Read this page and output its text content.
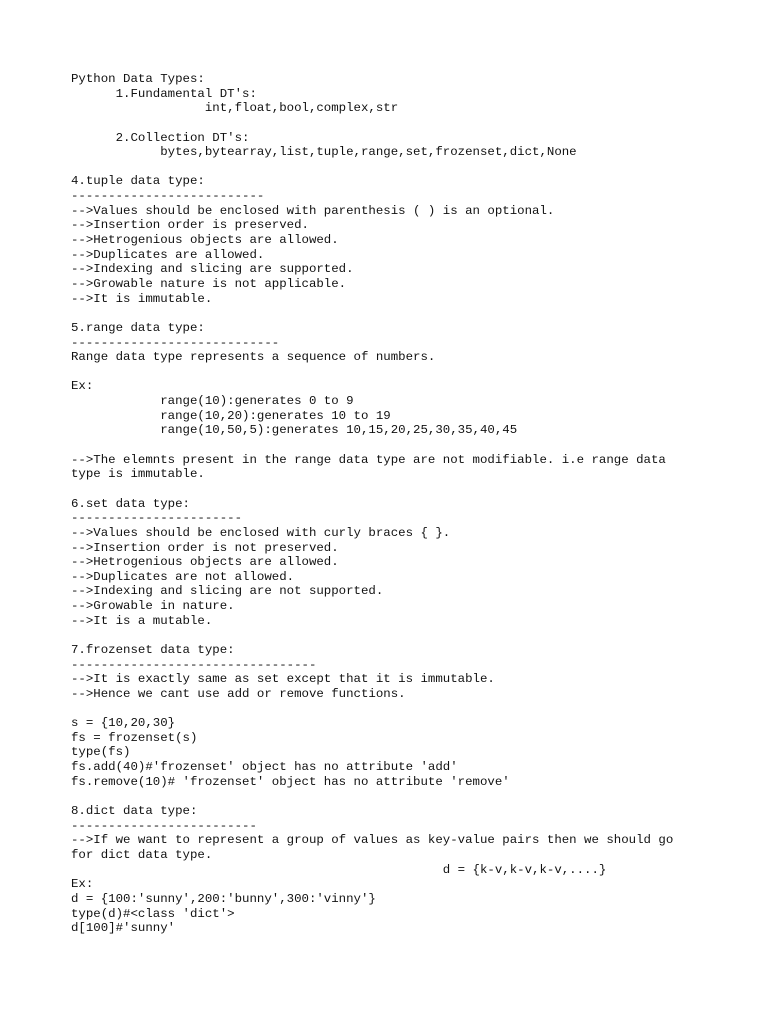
Python Data Types:
1.Fundamental DT's:
int,float,bool,complex,str
2.Collection DT's:
bytes,bytearray,list,tuple,range,set,frozenset,dict,None
4.tuple data type:
--------------------------
-->Values should be enclosed with parenthesis ( ) is an optional.
-->Insertion order is preserved.
-->Hetrogenious objects are allowed.
-->Duplicates are allowed.
-->Indexing and slicing are supported.
-->Growable nature is not applicable.
-->It is immutable.
5.range data type:
----------------------------
Range data type represents a sequence of numbers.
Ex:
range(10):generates 0 to 9
range(10,20):generates 10 to 19
range(10,50,5):generates 10,15,20,25,30,35,40,45
-->The elemnts present in the range data type are not modifiable. i.e range data
type is immutable.
6.set data type:
-----------------------
-->Values should be enclosed with curly braces { }.
-->Insertion order is not preserved.
-->Hetrogenious objects are allowed.
-->Duplicates are not allowed.
-->Indexing and slicing are not supported.
-->Growable in nature.
-->It is a mutable.
7.frozenset data type:
---------------------------------
-->It is exactly same as set except that it is immutable.
-->Hence we cant use add or remove functions.
s = {10,20,30}
fs = frozenset(s)
type(fs)
fs.add(40)#'frozenset' object has no attribute 'add'
fs.remove(10)# 'frozenset' object has no attribute 'remove'
8.dict data type:
-------------------------
-->If we want to represent a group of values as key-value pairs then we should go
for dict data type.
d = {k-v,k-v,k-v,....}
Ex:
d = {100:'sunny',200:'bunny',300:'vinny'}
type(d)#<class 'dict'>
d[100]#'sunny'
